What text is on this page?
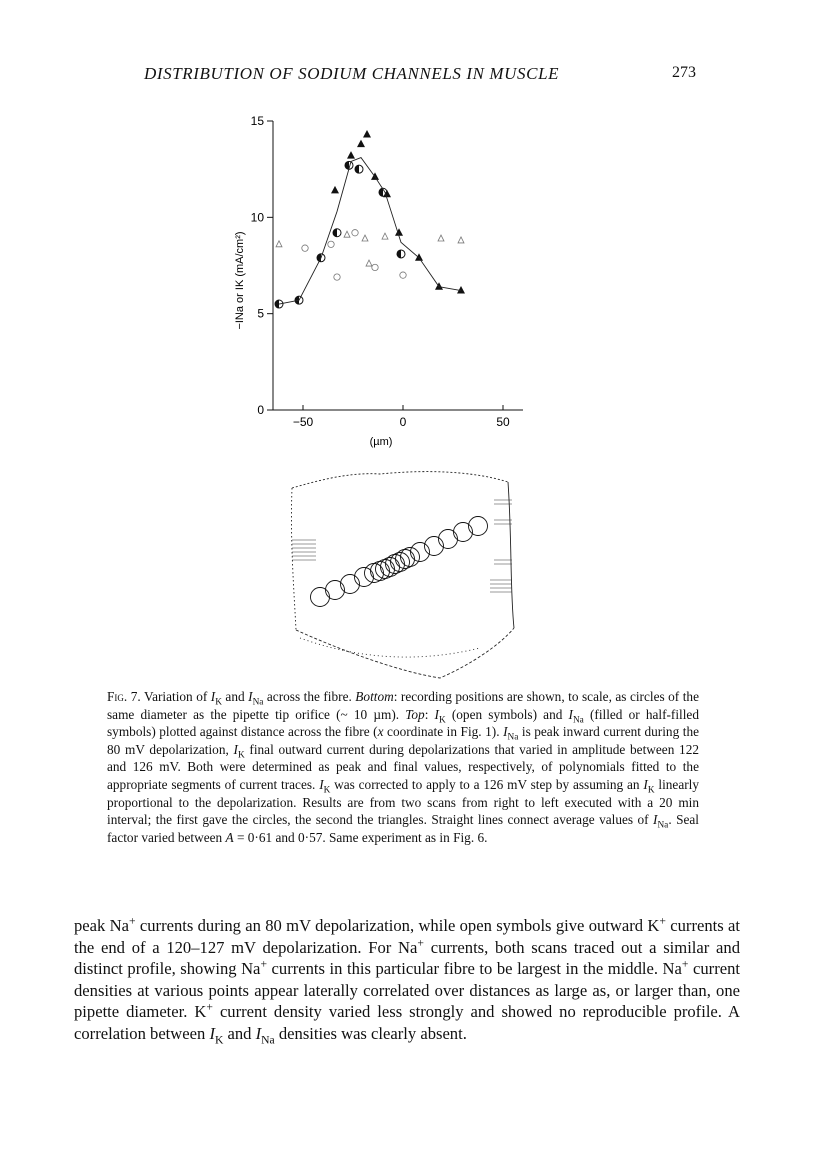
DISTRIBUTION OF SODIUM CHANNELS IN MUSCLE	273
0
5
10
15
−50	0	50
(µm)
−INa or IK (mA/cm²)
Fig. 7. Variation of $I_K$ and $I_{Na}$ across the fibre. Bottom: recording positions are shown, to scale, as circles of the same diameter as the pipette tip orifice (~ 10 µm). Top: $I_K$ (open symbols) and $I_{Na}$ (filled or half-filled symbols) plotted against distance across the fibre (x coordinate in Fig. 1). $I_{Na}$ is peak inward current during the 80 mV depolarization, $I_K$ final outward current during depolarizations that varied in amplitude between 122 and 126 mV. Both were determined as peak and final values, respectively, of polynomials fitted to the appropriate segments of current traces. $I_K$ was corrected to apply to a 126 mV step by assuming an $I_K$ linearly proportional to the depolarization. Results are from two scans from right to left executed with a 20 min interval; the first gave the circles, the second the triangles. Straight lines connect average values of $I_{Na}$. Seal factor varied between A = 0·61 and 0·57. Same experiment as in Fig. 6.
peak Na+ currents during an 80 mV depolarization, while open symbols give outward K+ currents at the end of a 120–127 mV depolarization. For Na+ currents, both scans traced out a similar and distinct profile, showing Na+ currents in this particular fibre to be largest in the middle. Na+ current densities at various points appear laterally correlated over distances as large as, or larger than, one pipette diameter. K+ current density varied less strongly and showed no reproducible profile. A correlation between $I_K$ and $I_{Na}$ densities was clearly absent.
